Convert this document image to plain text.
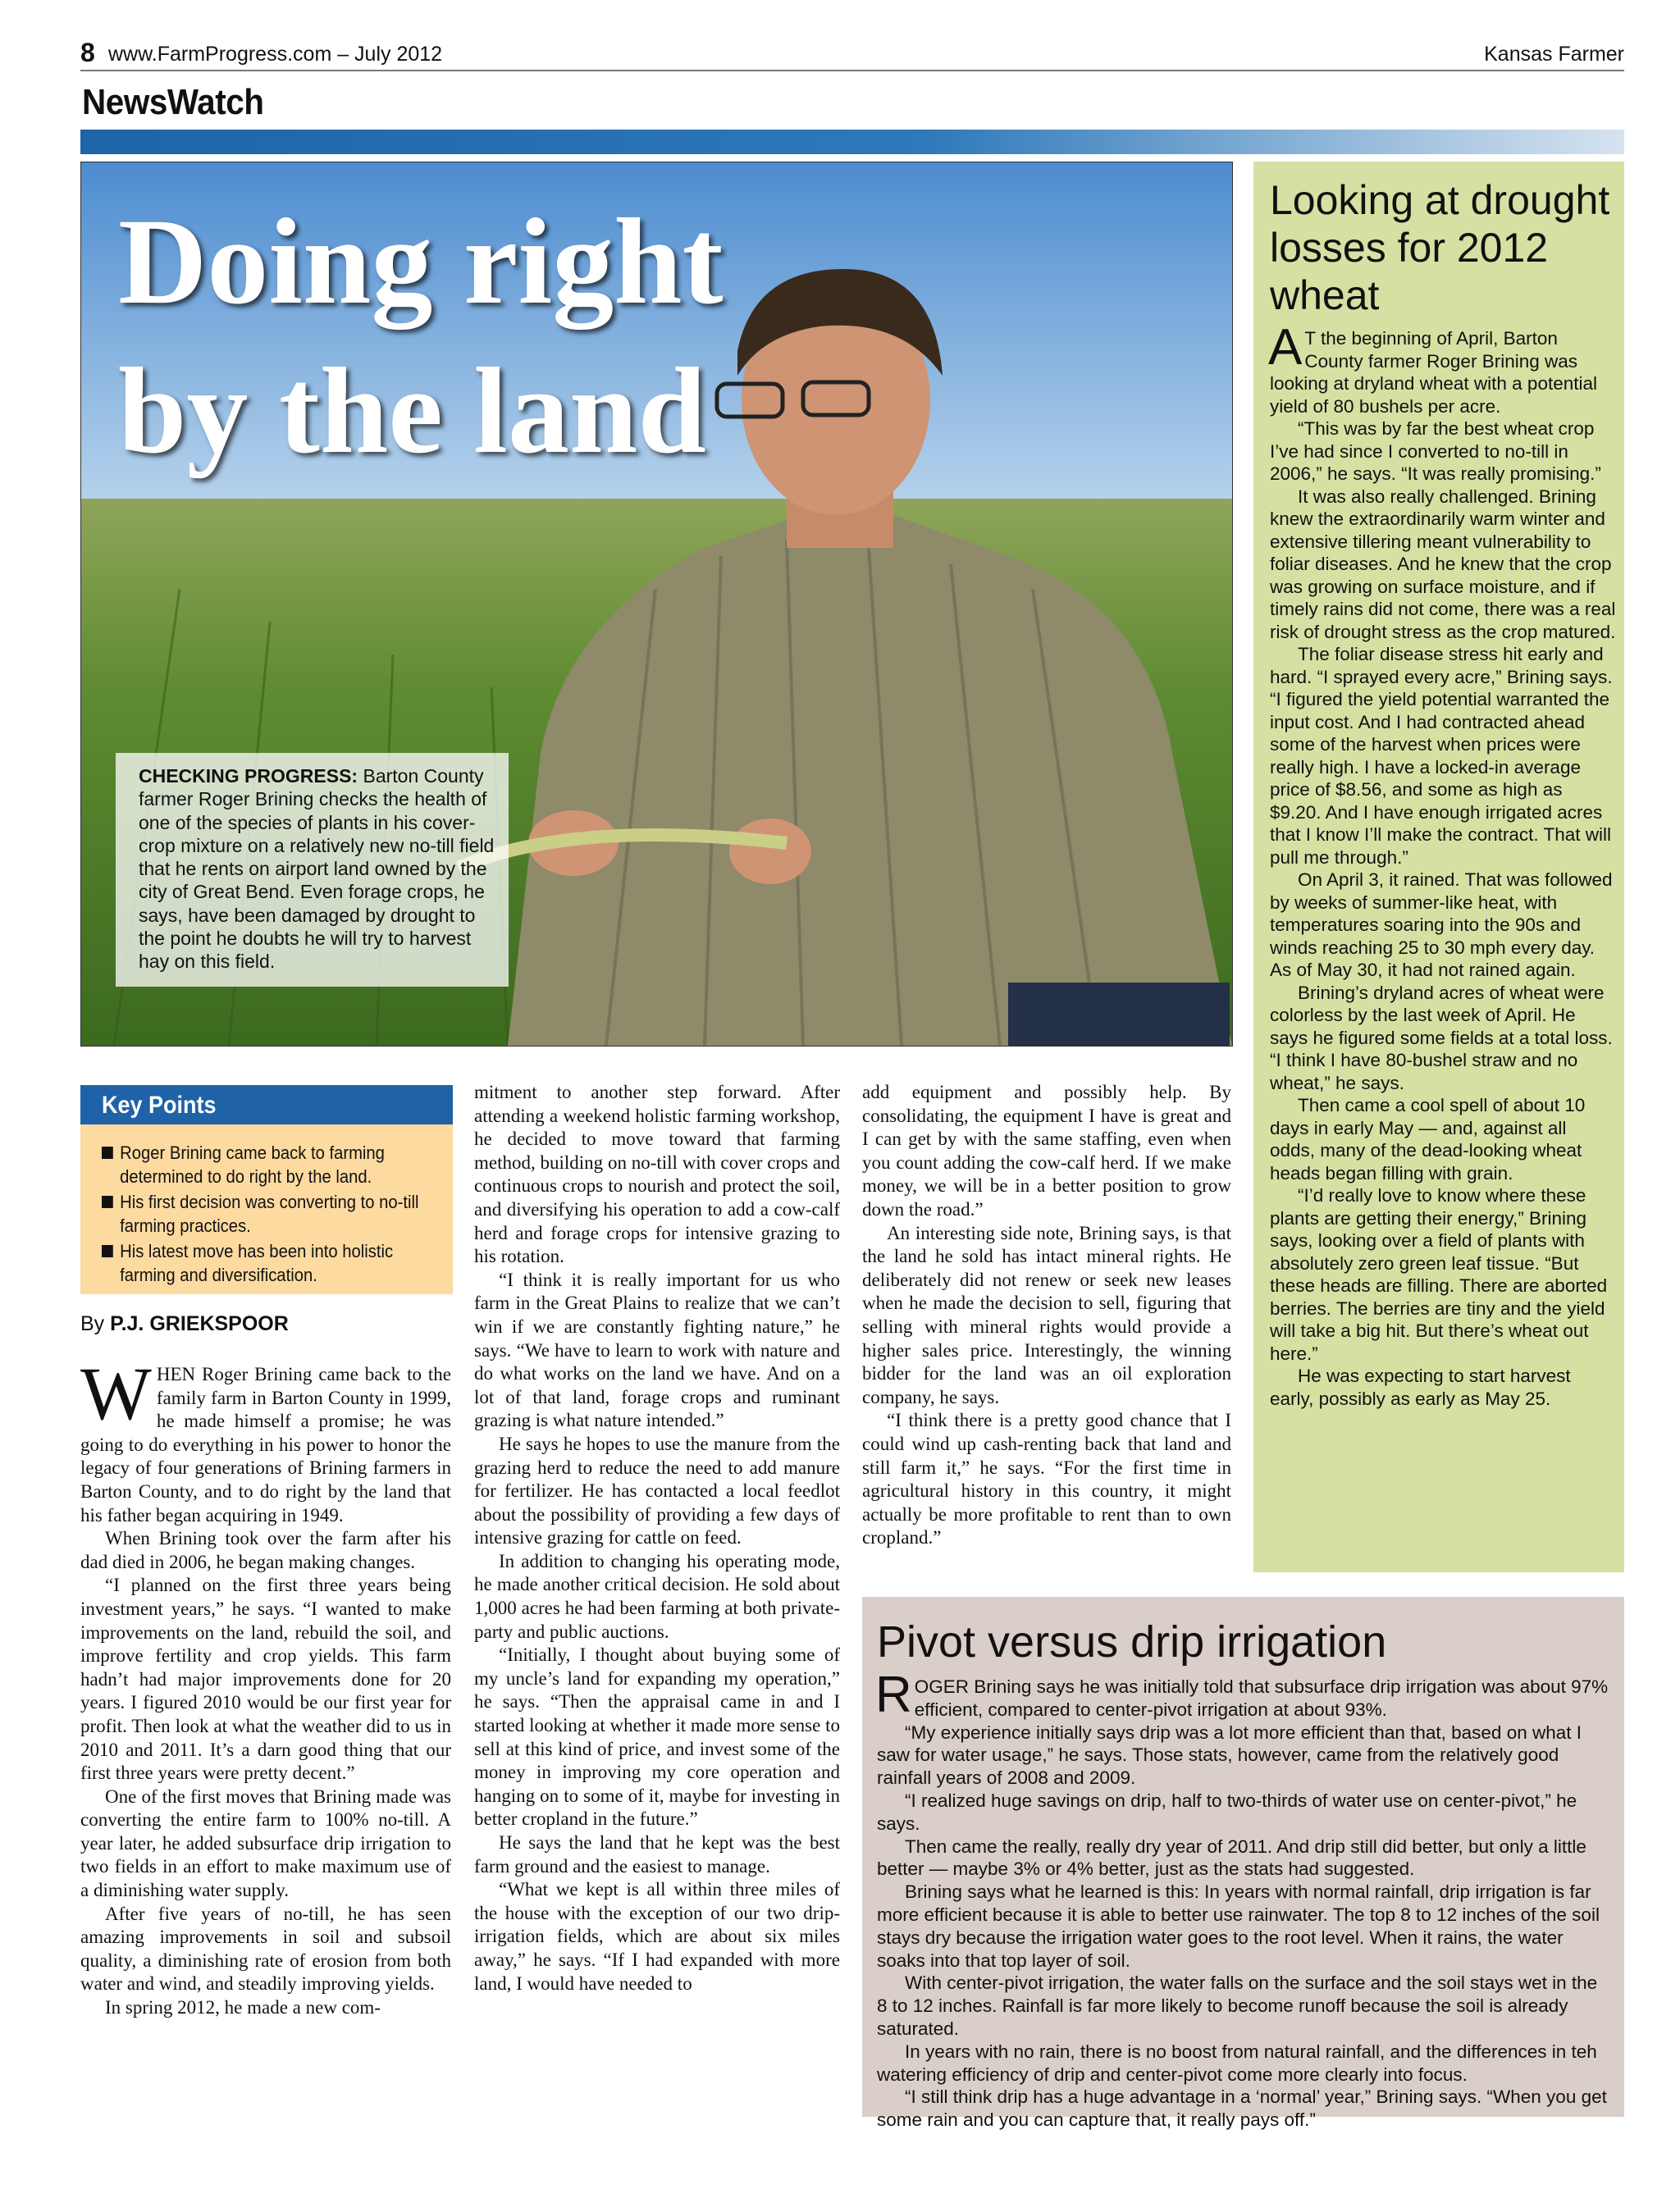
8 www.FarmProgress.com – July 2012	Kansas Farmer
NewsWatch
Doing right
by the land
CHECKING PROGRESS: Barton County farmer Roger Brining checks the health of one of the species of plants in his cover-crop mixture on a relatively new no-till field that he rents on airport land owned by the city of Great Bend. Even forage crops, he says, have been damaged by drought to the point he doubts he will try to harvest hay on this field.
Key Points
Roger Brining came back to farming determined to do right by the land.
His first decision was converting to no-till farming practices.
His latest move has been into holistic farming and diversification.
By P.J. GRIEKSPOOR

WHEN Roger Brining came back to the family farm in Barton County in 1999, he made himself a promise; he was going to do everything in his power to honor the legacy of four generations of Brining farmers in Barton County, and to do right by the land that his father began acquiring in 1949.

When Brining took over the farm after his dad died in 2006, he began making changes.

“I planned on the first three years being investment years,” he says. “I wanted to make improvements on the land, rebuild the soil, and improve fertility and crop yields. This farm hadn’t had major improvements done for 20 years. I figured 2010 would be our first year for profit. Then look at what the weather did to us in 2010 and 2011. It’s a darn good thing that our first three years were pretty decent.”

One of the first moves that Brining made was converting the entire farm to 100% no-till. A year later, he added subsurface drip irrigation to two fields in an effort to make maximum use of a diminishing water supply.

After five years of no-till, he has seen amazing improvements in soil and subsoil quality, a diminishing rate of erosion from both water and wind, and steadily improving yields.

In spring 2012, he made a new com-

mitment to another step forward. After attending a weekend holistic farming workshop, he decided to move toward that farming method, building on no-till with cover crops and continuous crops to nourish and protect the soil, and diversifying his operation to add a cow-calf herd and forage crops for intensive grazing to his rotation.

“I think it is really important for us who farm in the Great Plains to realize that we can’t win if we are constantly fighting nature,” he says. “We have to learn to work with nature and do what works on the land we have. And on a lot of that land, forage crops and ruminant grazing is what nature intended.”

He says he hopes to use the manure from the grazing herd to reduce the need to add manure for fertilizer. He has contacted a local feedlot about the possibility of providing a few days of intensive grazing for cattle on feed.

In addition to changing his operating mode, he made another critical decision. He sold about 1,000 acres he had been farming at both private-party and public auctions.

“Initially, I thought about buying some of my uncle’s land for expanding my operation,” he says. “Then the appraisal came in and I started looking at whether it made more sense to sell at this kind of price, and invest some of the money in improving my core operation and hanging on to some of it, maybe for investing in better cropland in the future.”

He says the land that he kept was the best farm ground and the easiest to manage.

“What we kept is all within three miles of the house with the exception of our two drip-irrigation fields, which are about six miles away,” he says. “If I had expanded with more land, I would have needed to

add equipment and possibly help. By consolidating, the equipment I have is great and I can get by with the same staffing, even when you count adding the cow-calf herd. If we make money, we will be in a better position to grow down the road.”

An interesting side note, Brining says, is that the land he sold has intact mineral rights. He deliberately did not renew or seek new leases when he made the decision to sell, figuring that selling with mineral rights would provide a higher sales price. Interestingly, the winning bidder for the land was an oil exploration company, he says.

“I think there is a pretty good chance that I could wind up cash-renting back that land and still farm it,” he says. “For the first time in agricultural history in this country, it might actually be more profitable to rent than to own cropland.”

Looking at drought losses for 2012 wheat

A T the beginning of April, Barton County farmer Roger Brining was looking at dryland wheat with a potential yield of 80 bushels per acre.

“This was by far the best wheat crop I’ve had since I converted to no-till in 2006,” he says. “It was really promising.”

It was also really challenged. Brining knew the extraordinarily warm winter and extensive tillering meant vulnerability to foliar diseases. And he knew that the crop was growing on surface moisture, and if timely rains did not come, there was a real risk of drought stress as the crop matured.

The foliar disease stress hit early and hard. “I sprayed every acre,” Brining says. “I figured the yield potential warranted the input cost. And I had contracted ahead some of the harvest when prices were really high. I have a locked-in average price of $8.56, and some as high as $9.20. And I have enough irrigated acres that I know I’ll make the contract. That will pull me through.”

On April 3, it rained. That was followed by weeks of summer-like heat, with temperatures soaring into the 90s and winds reaching 25 to 30 mph every day. As of May 30, it had not rained again.

Brining’s dryland acres of wheat were colorless by the last week of April. He says he figured some fields at a total loss. “I think I have 80-bushel straw and no wheat,” he says.

Then came a cool spell of about 10 days in early May — and, against all odds, many of the dead-looking wheat heads began filling with grain.

“I’d really love to know where these plants are getting their energy,” Brining says, looking over a field of plants with absolutely zero green leaf tissue. “But these heads are filling. There are aborted berries. The berries are tiny and the yield will take a big hit. But there’s wheat out here.”

He was expecting to start harvest early, possibly as early as May 25.

Pivot versus drip irrigation

ROGER Brining says he was initially told that subsurface drip irrigation was about 97% efficient, compared to center-pivot irrigation at about 93%.

“My experience initially says drip was a lot more efficient than that, based on what I saw for water usage,” he says. Those stats, however, came from the relatively good rainfall years of 2008 and 2009.

“I realized huge savings on drip, half to two-thirds of water use on center-pivot,” he says.

Then came the really, really dry year of 2011. And drip still did better, but only a little better — maybe 3% or 4% better, just as the stats had suggested.

Brining says what he learned is this: In years with normal rainfall, drip irrigation is far more efficient because it is able to better use rainwater. The top 8 to 12 inches of the soil stays dry because the irrigation water goes to the root level. When it rains, the water soaks into that top layer of soil.

With center-pivot irrigation, the water falls on the surface and the soil stays wet in the 8 to 12 inches. Rainfall is far more likely to become runoff because the soil is already saturated.

In years with no rain, there is no boost from natural rainfall, and the differences in teh watering efficiency of drip and center-pivot come more clearly into focus.

“I still think drip has a huge advantage in a ‘normal’ year,” Brining says. “When you get some rain and you can capture that, it really pays off.”
